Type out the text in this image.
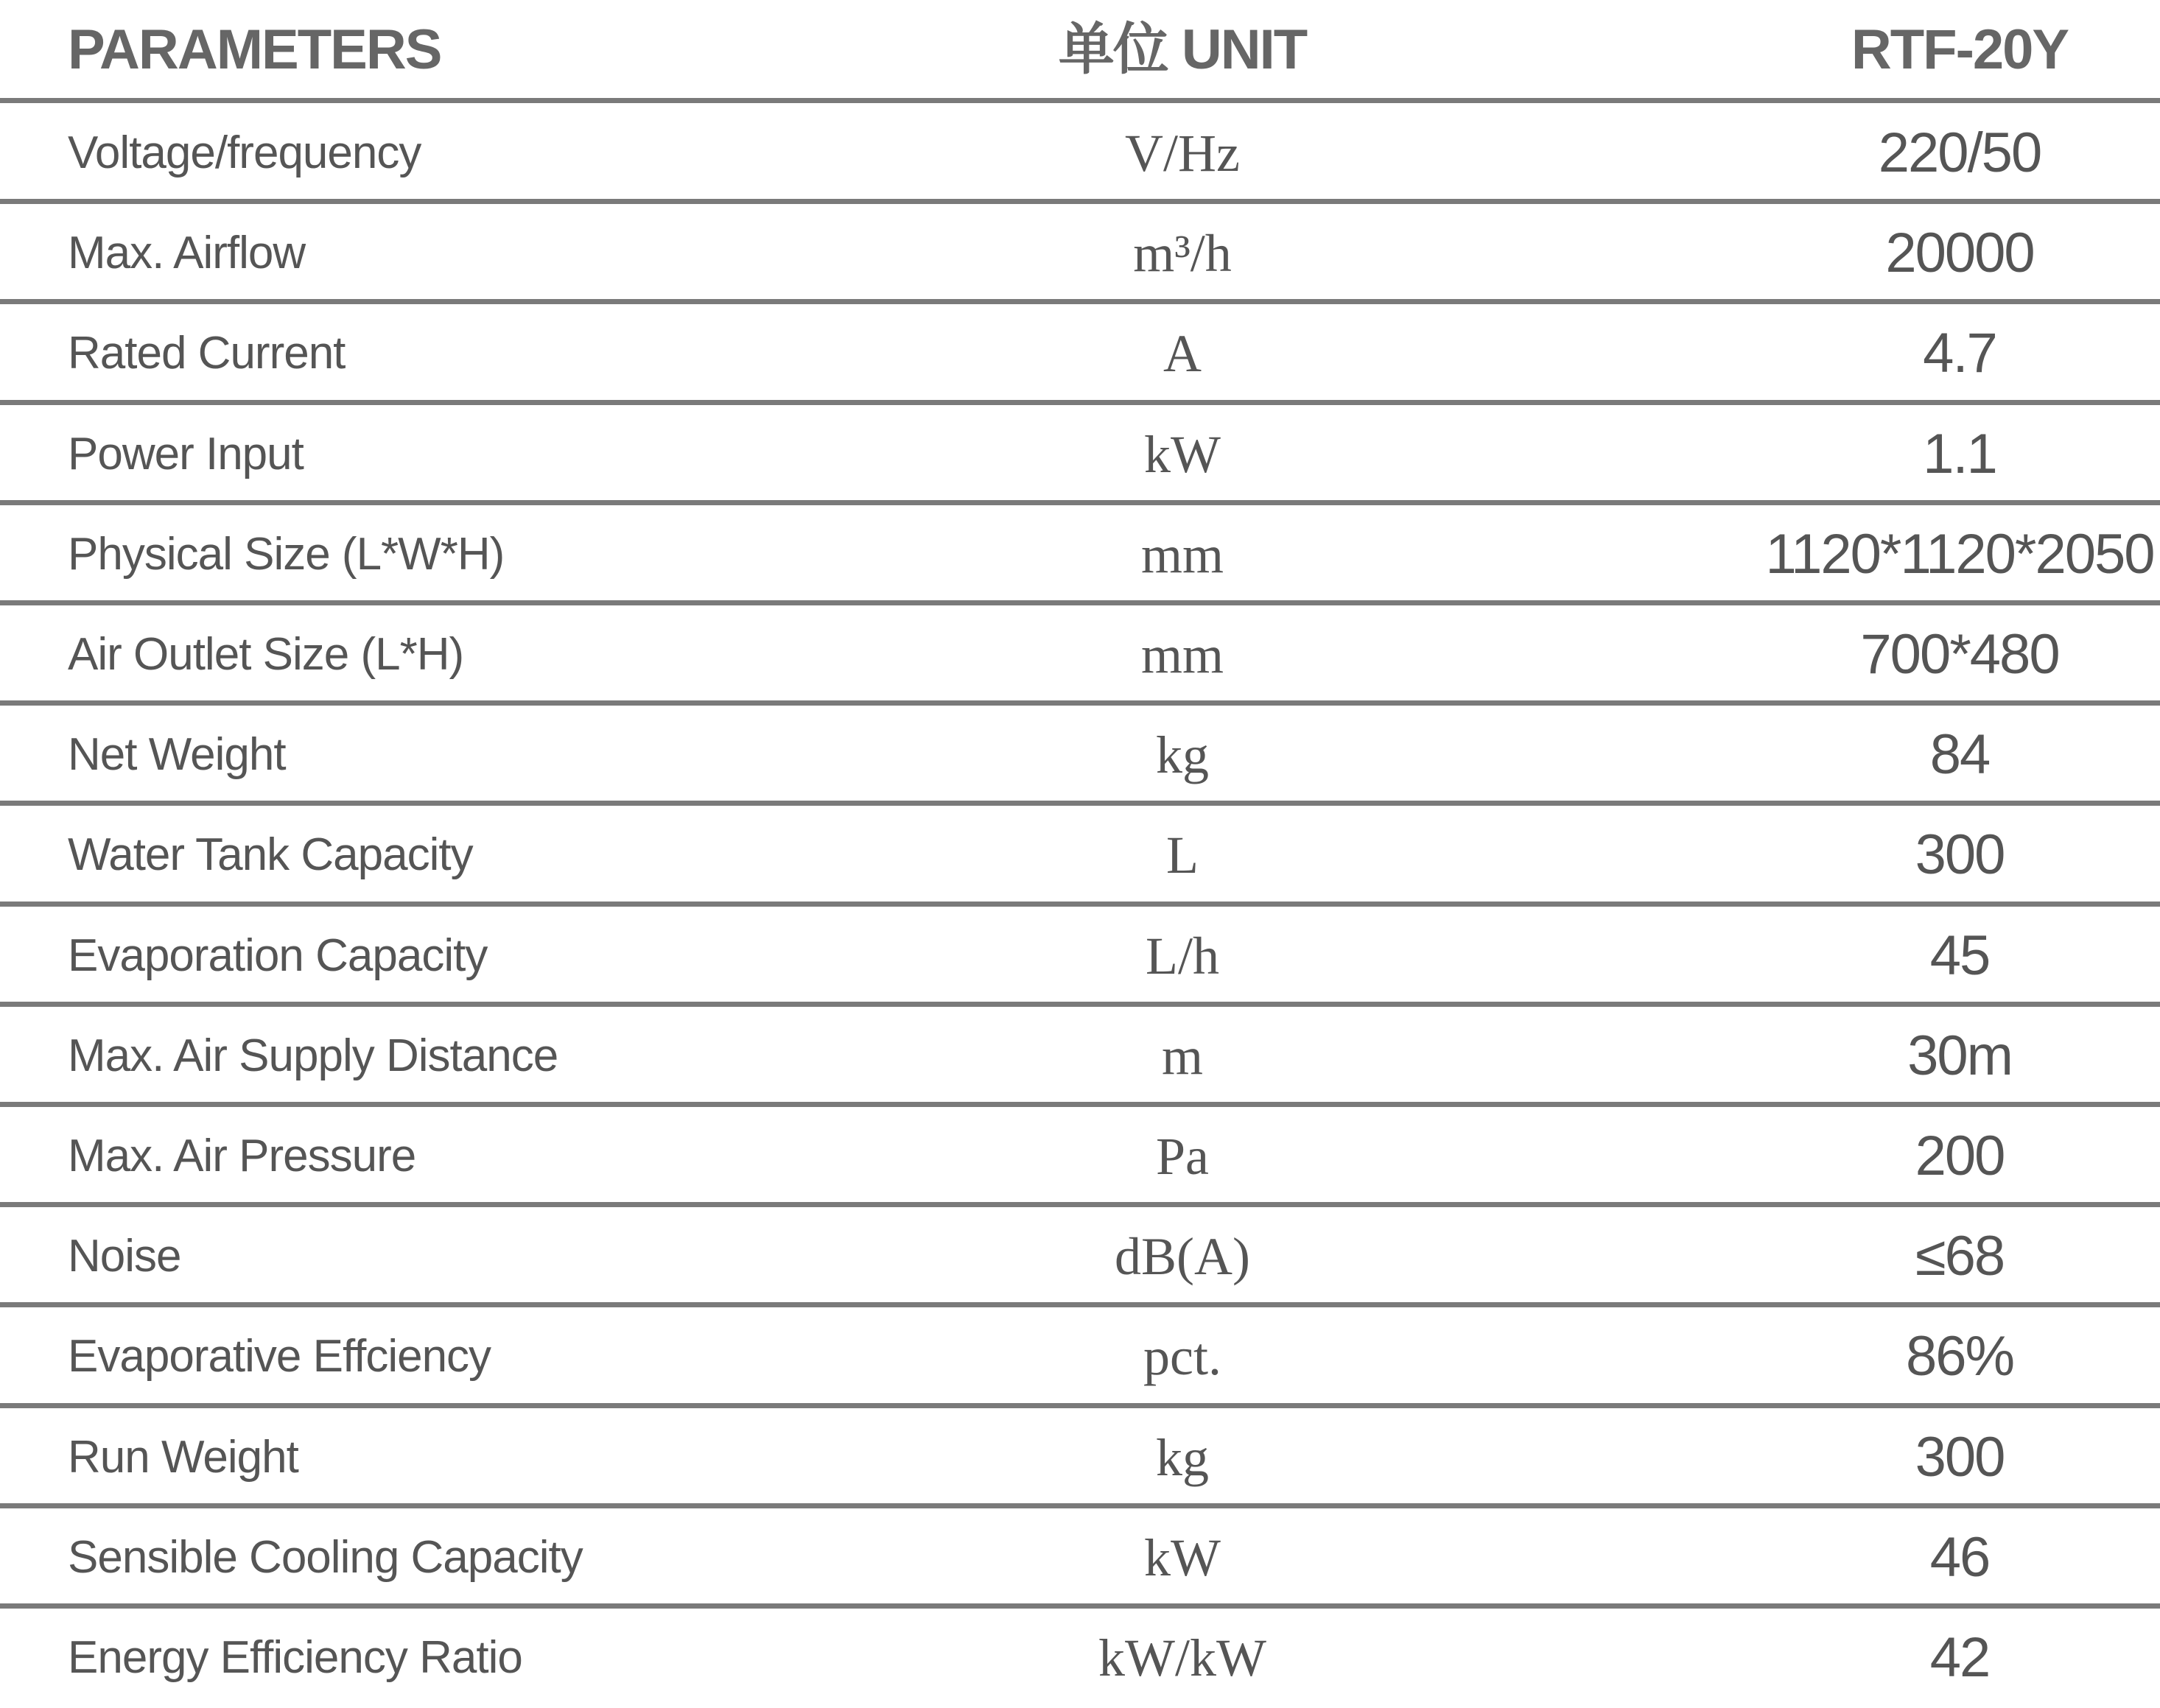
PARAMETERS	单位 UNIT	RTF-20Y
Voltage/frequency	V/Hz	220/50
Max. Airflow	m³/h	20000
Rated Current	A	4.7
Power Input	kW	1.1
Physical Size (L*W*H)	mm	1120*1120*2050
Air Outlet Size (L*H)	mm	700*480
Net Weight	kg	84
Water Tank Capacity	L	300
Evaporation Capacity	L/h	45
Max. Air Supply Distance	m	30m
Max. Air Pressure	Pa	200
Noise	dB(A)	≤68
Evaporative Effciency	pct.	86%
Run Weight	kg	300
Sensible Cooling Capacity	kW	46
Energy Efficiency Ratio	kW/kW	42
